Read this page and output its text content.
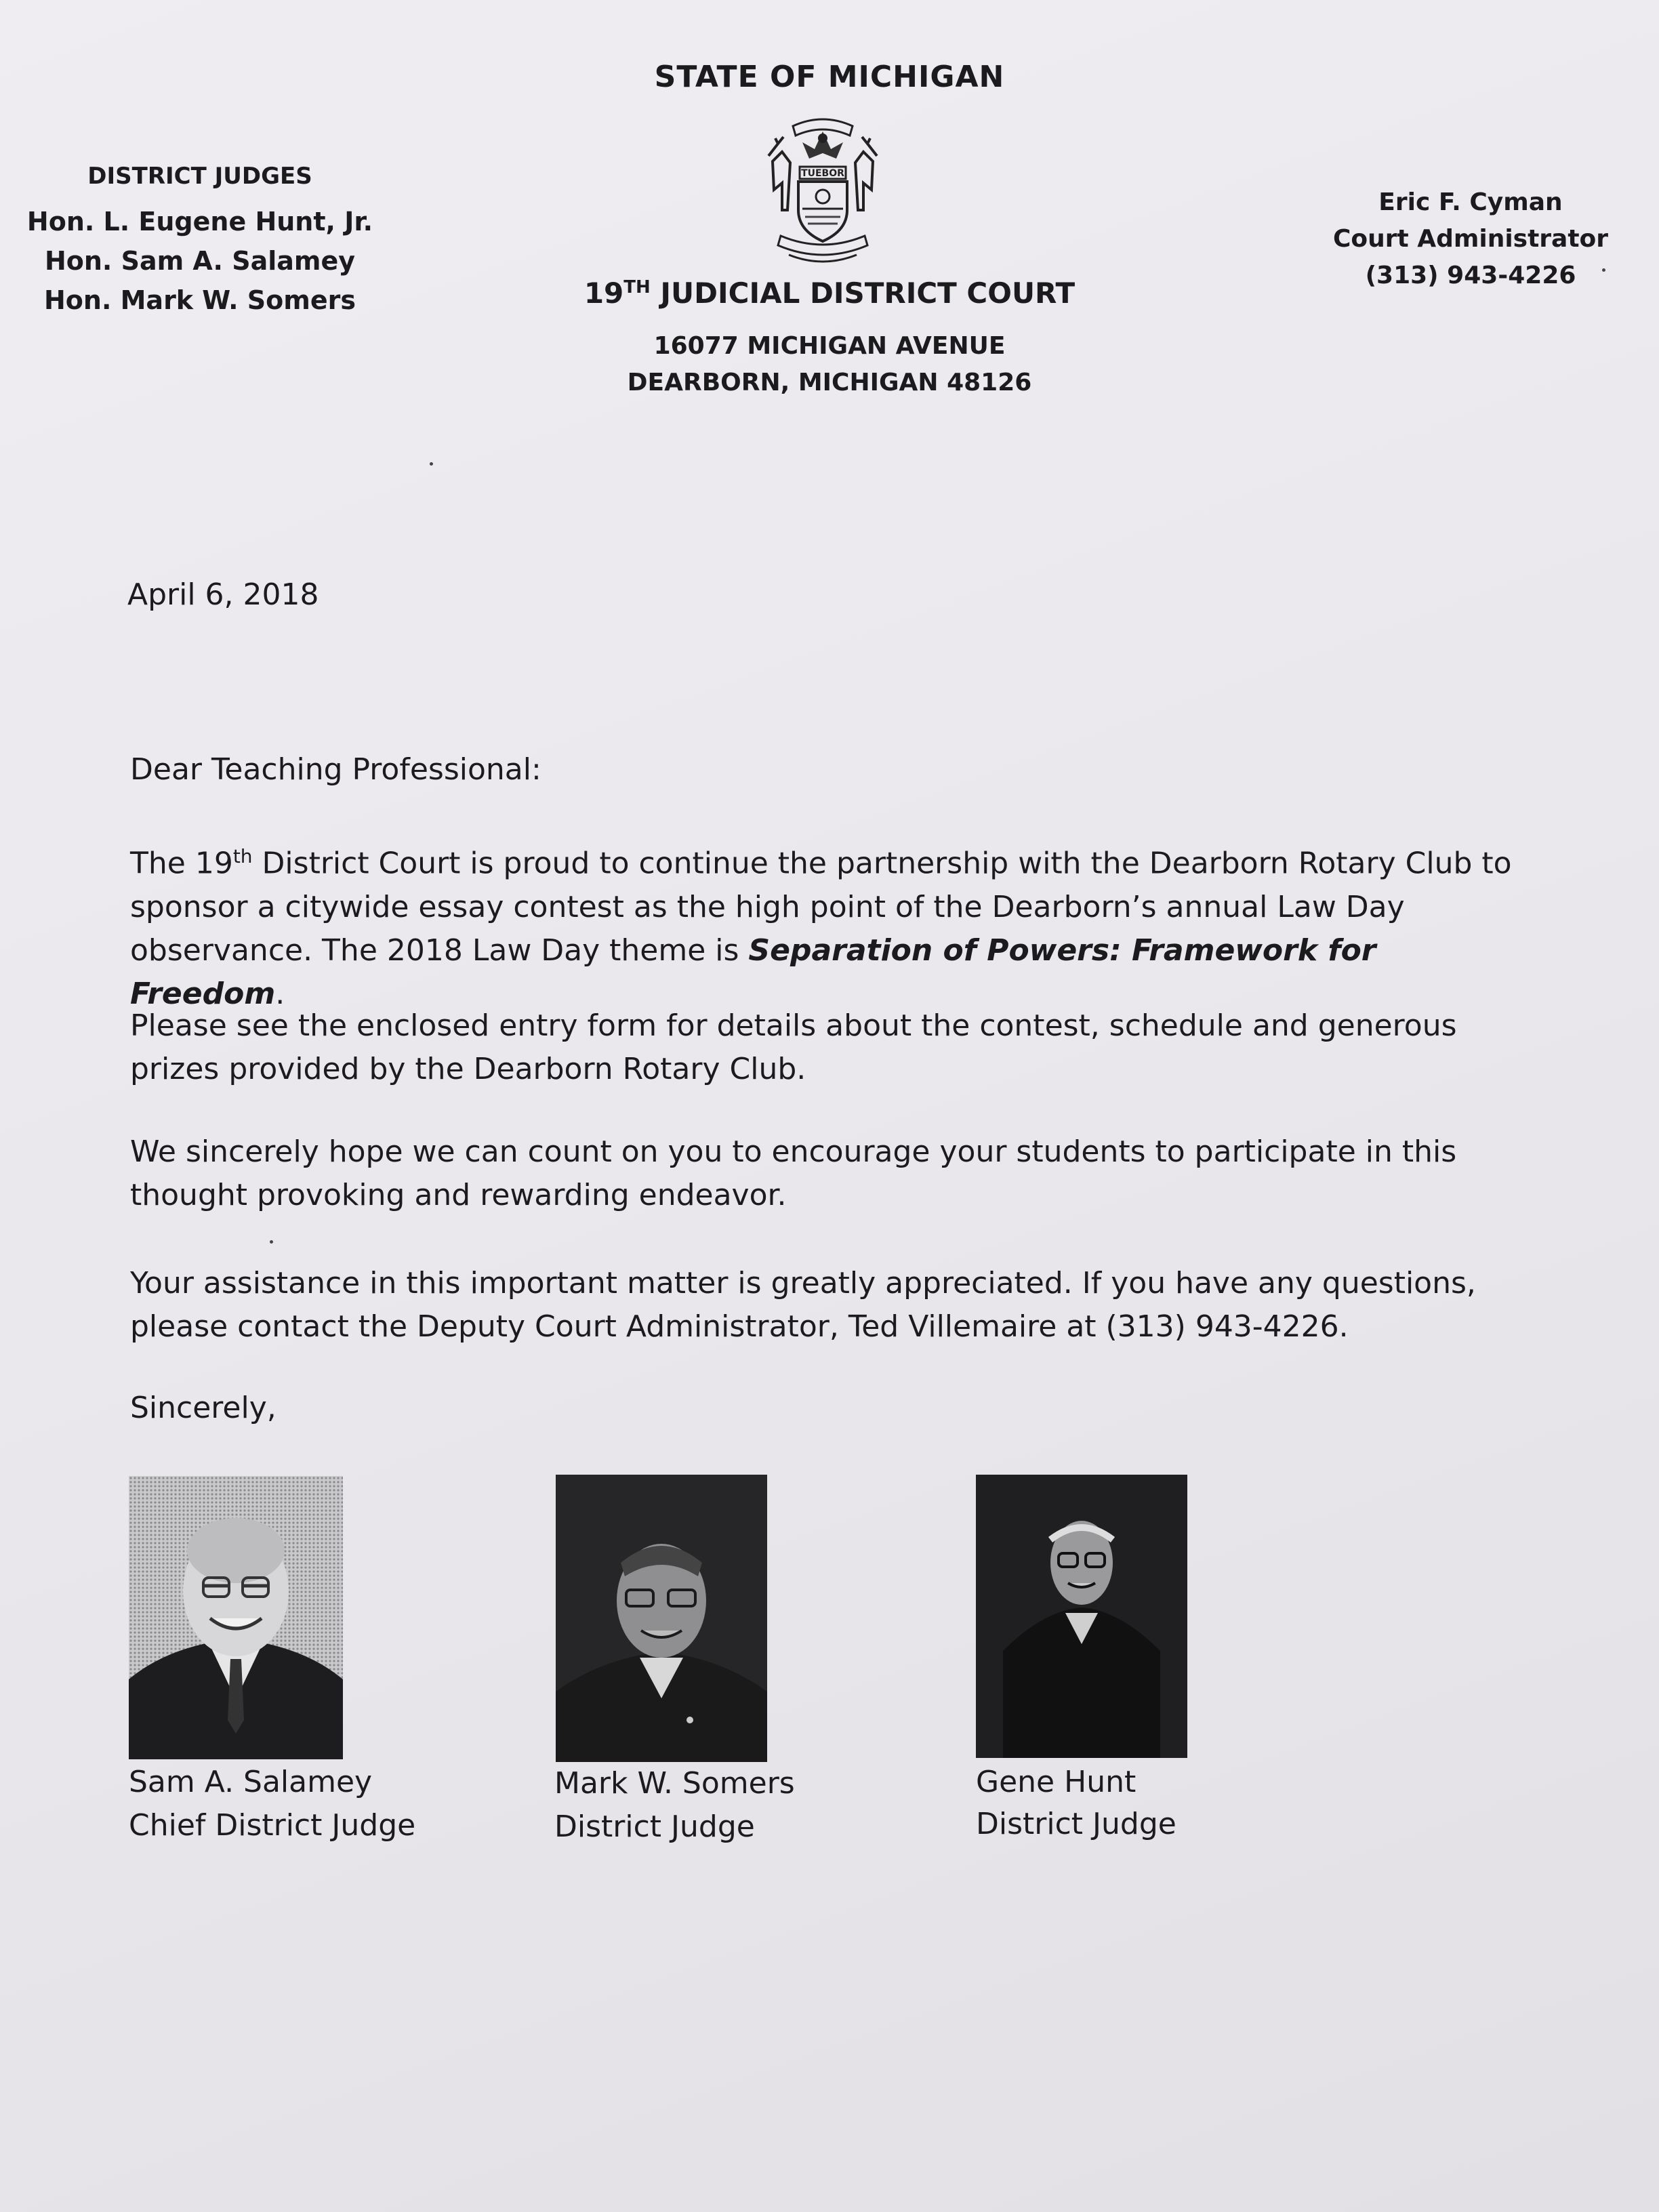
STATE OF MICHIGAN
TUEBOR
19TH JUDICIAL DISTRICT COURT
16077 MICHIGAN AVENUE
DEARBORN, MICHIGAN 48126
DISTRICT JUDGES
Hon. L. Eugene Hunt, Jr.
Hon. Sam A. Salamey
Hon. Mark W. Somers
Eric F. Cyman
Court Administrator
(313) 943-4226
April 6, 2018
Dear Teaching Professional:
The 19th District Court is proud to continue the partnership with the Dearborn Rotary Club to sponsor a citywide essay contest as the high point of the Dearborn’s annual Law Day observance. The 2018 Law Day theme is Separation of Powers: Framework for Freedom.
Please see the enclosed entry form for details about the contest, schedule and generous prizes provided by the Dearborn Rotary Club.
We sincerely hope we can count on you to encourage your students to participate in this thought provoking and rewarding endeavor.
Your assistance in this important matter is greatly appreciated. If you have any questions, please contact the Deputy Court Administrator, Ted Villemaire at (313) 943-4226.
Sincerely,
Sam A. Salamey
Chief District Judge
Mark W. Somers
District Judge
Gene Hunt
District Judge
